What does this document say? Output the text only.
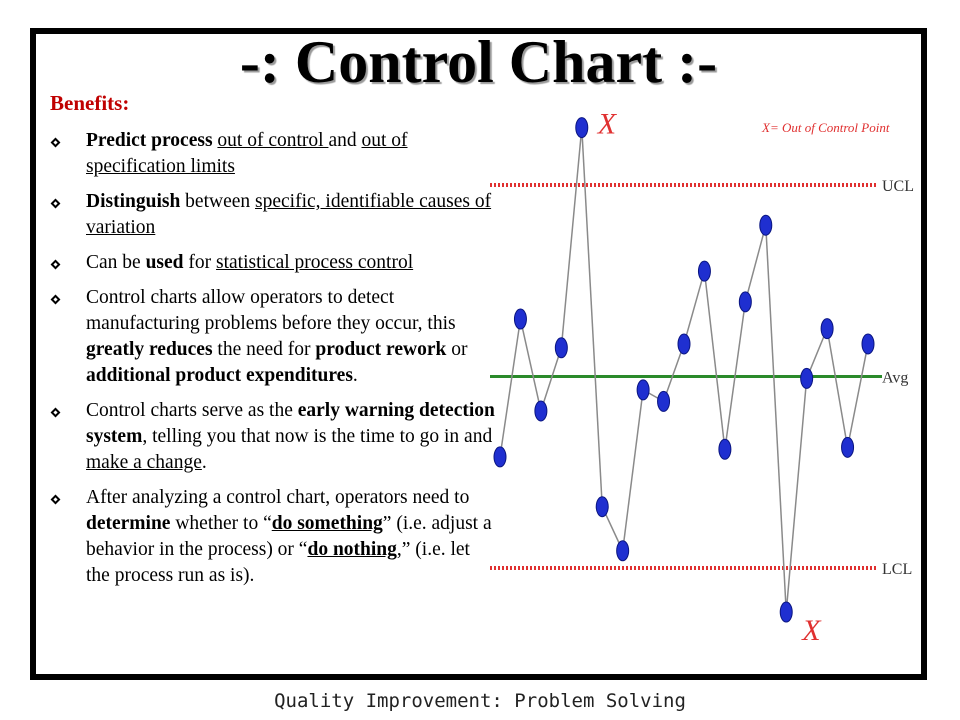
-: Control Chart :-
Benefits:
Predict process out of control and out of specification limits
Distinguish between specific, identifiable causes of variation
Can be used for statistical process control
Control charts allow operators to detect manufacturing problems before they occur, this greatly reduces the need for product rework or additional product expenditures.
Control charts serve as the early warning detection system, telling you that now is the time to go in and make a change.
After analyzing a control chart, operators need to determine whether to “do something” (i.e. adjust a behavior in the process) or “do nothing,” (i.e. let the process run as is).
UCL
Avg
LCL
X
X
X= Out of Control Point
Quality Improvement: Problem Solving
